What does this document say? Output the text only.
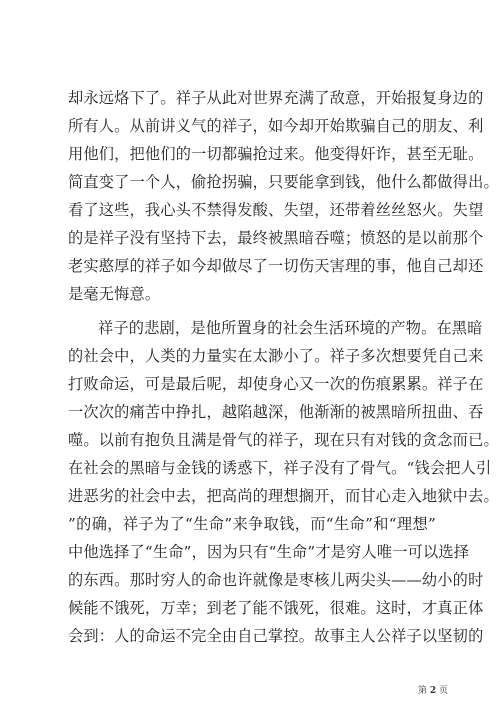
却永远烙下了。祥子从此对世界充满了敌意，开始报复身边的
所有人。从前讲义气的祥子，如今却开始欺骗自己的朋友、利
用他们，把他们的一切都骗抢过来。他变得奸诈，甚至无耻。
简直变了一个人，偷抢拐骗，只要能拿到钱，他什么都做得出。
看了这些，我心头不禁得发酸、失望，还带着丝丝怒火。失望
的是祥子没有坚持下去，最终被黑暗吞噬；愤怒的是以前那个
老实憨厚的祥子如今却做尽了一切伤天害理的事，他自己却还
是毫无悔意。
祥子的悲剧，是他所置身的社会生活环境的产物。在黑暗
的社会中，人类的力量实在太渺小了。祥子多次想要凭自己来
打败命运，可是最后呢，却使身心又一次的伤痕累累。祥子在
一次次的痛苦中挣扎，越陷越深，他渐渐的被黑暗所扭曲、吞
噬。以前有抱负且满是骨气的祥子，现在只有对钱的贪念而已。
在社会的黑暗与金钱的诱惑下，祥子没有了骨气。“钱会把人引
进恶劣的社会中去，把高尚的理想搁开，而甘心走入地狱中去。
”的确，祥子为了“生命”来争取钱，而“生命”和“理想”
中他选择了“生命”，因为只有“生命”才是穷人唯一可以选择
的东西。那时穷人的命也许就像是枣核儿两尖头——幼小的时
候能不饿死，万幸；到老了能不饿死，很难。这时，才真正体
会到：人的命运不完全由自己掌控。故事主人公祥子以坚韧的
第 2 页
